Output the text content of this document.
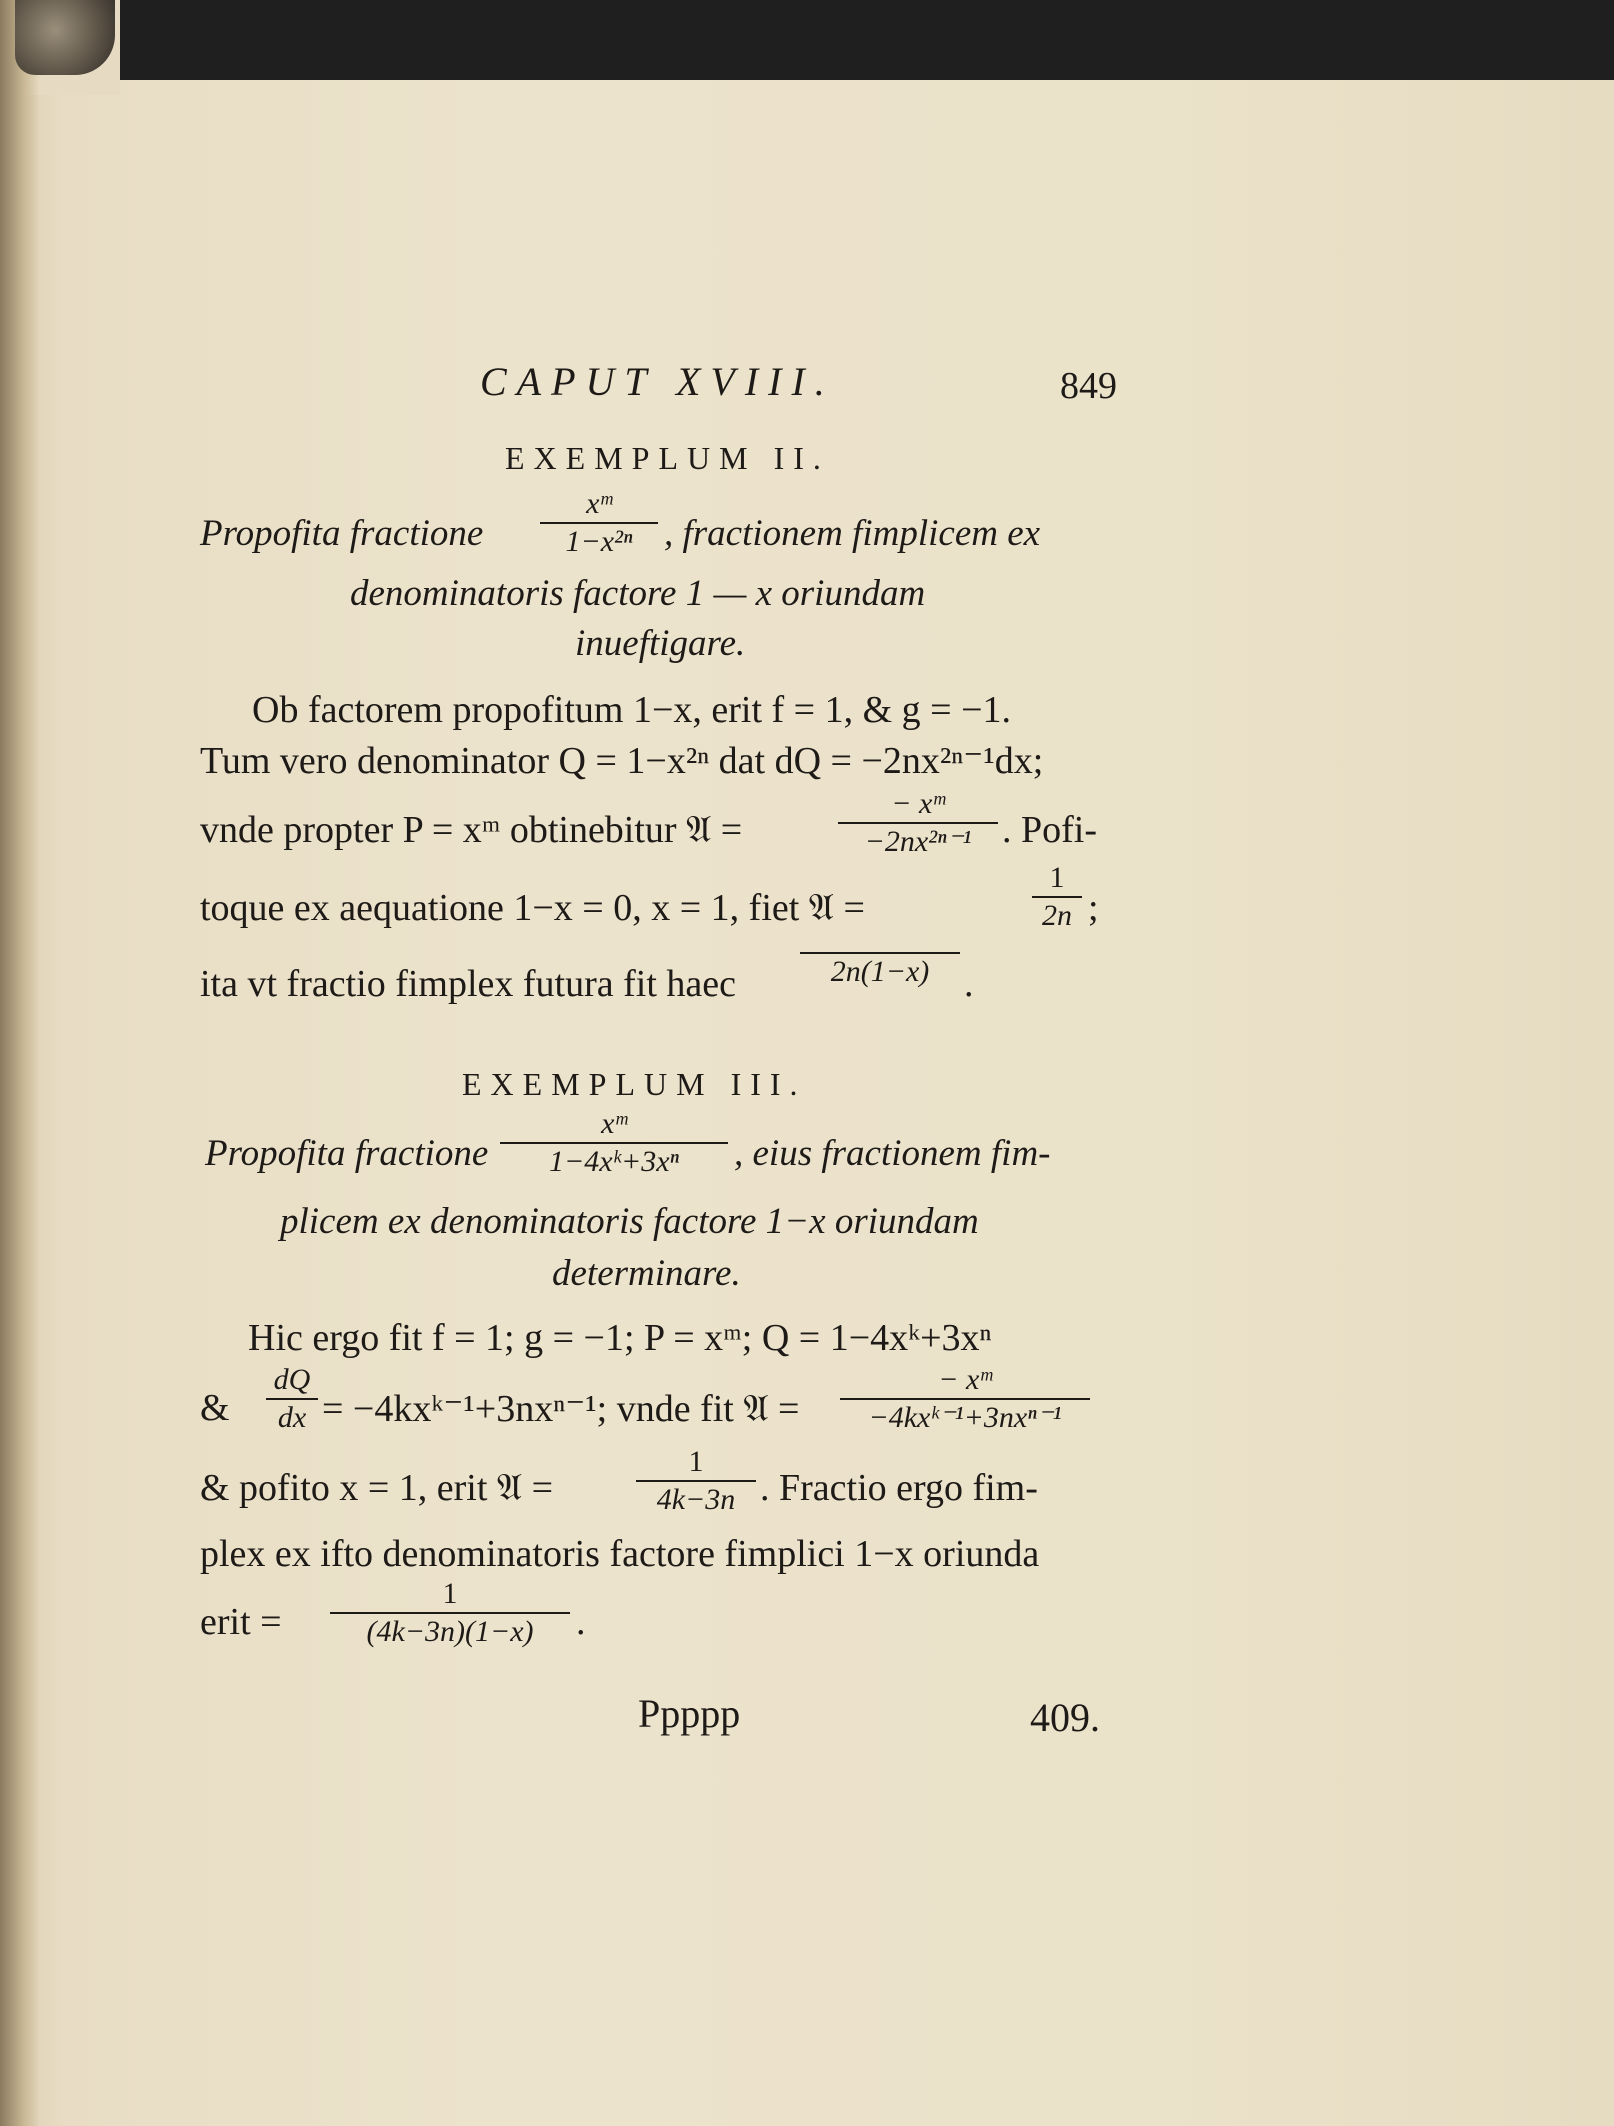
CAPUT XVIII.	849
EXEMPLUM II.
Propofita fractione
xᵐ
1−x²ⁿ , fractionem fimplicem ex
denominatoris factore 1 — x oriundam
inueftigare.
Ob factorem propofitum 1−x, erit f = 1, & g = −1.
Tum vero denominator Q = 1−x²ⁿ dat dQ = −2nx²ⁿ⁻¹dx;
vnde propter P = xᵐ obtinebitur 𝔄 =
− xᵐ
−2nx²ⁿ⁻¹ . Pofi-
toque ex aequatione 1−x = 0, x = 1, fiet 𝔄 =
1
2n ;
ita vt fractio fimplex futura fit haec	2n(1−x) .
EXEMPLUM III.
Propofita fractione
xᵐ
1−4xᵏ+3xⁿ	, eius fractionem fim-
plicem ex denominatoris factore 1−x oriundam
determinare.
Hic ergo fit f = 1; g = −1; P = xᵐ; Q = 1−4xᵏ+3xⁿ
&
dQ
dx = −4kxᵏ⁻¹+3nxⁿ⁻¹; vnde fit 𝔄 =
− xᵐ
−4kxᵏ⁻¹+3nxⁿ⁻¹
& pofito x = 1, erit 𝔄 =
1
4k−3n . Fractio ergo fim-
plex ex ifto denominatoris factore fimplici 1−x oriunda
erit =
1
(4k−3n)(1−x)	.
Ppppp	409.
